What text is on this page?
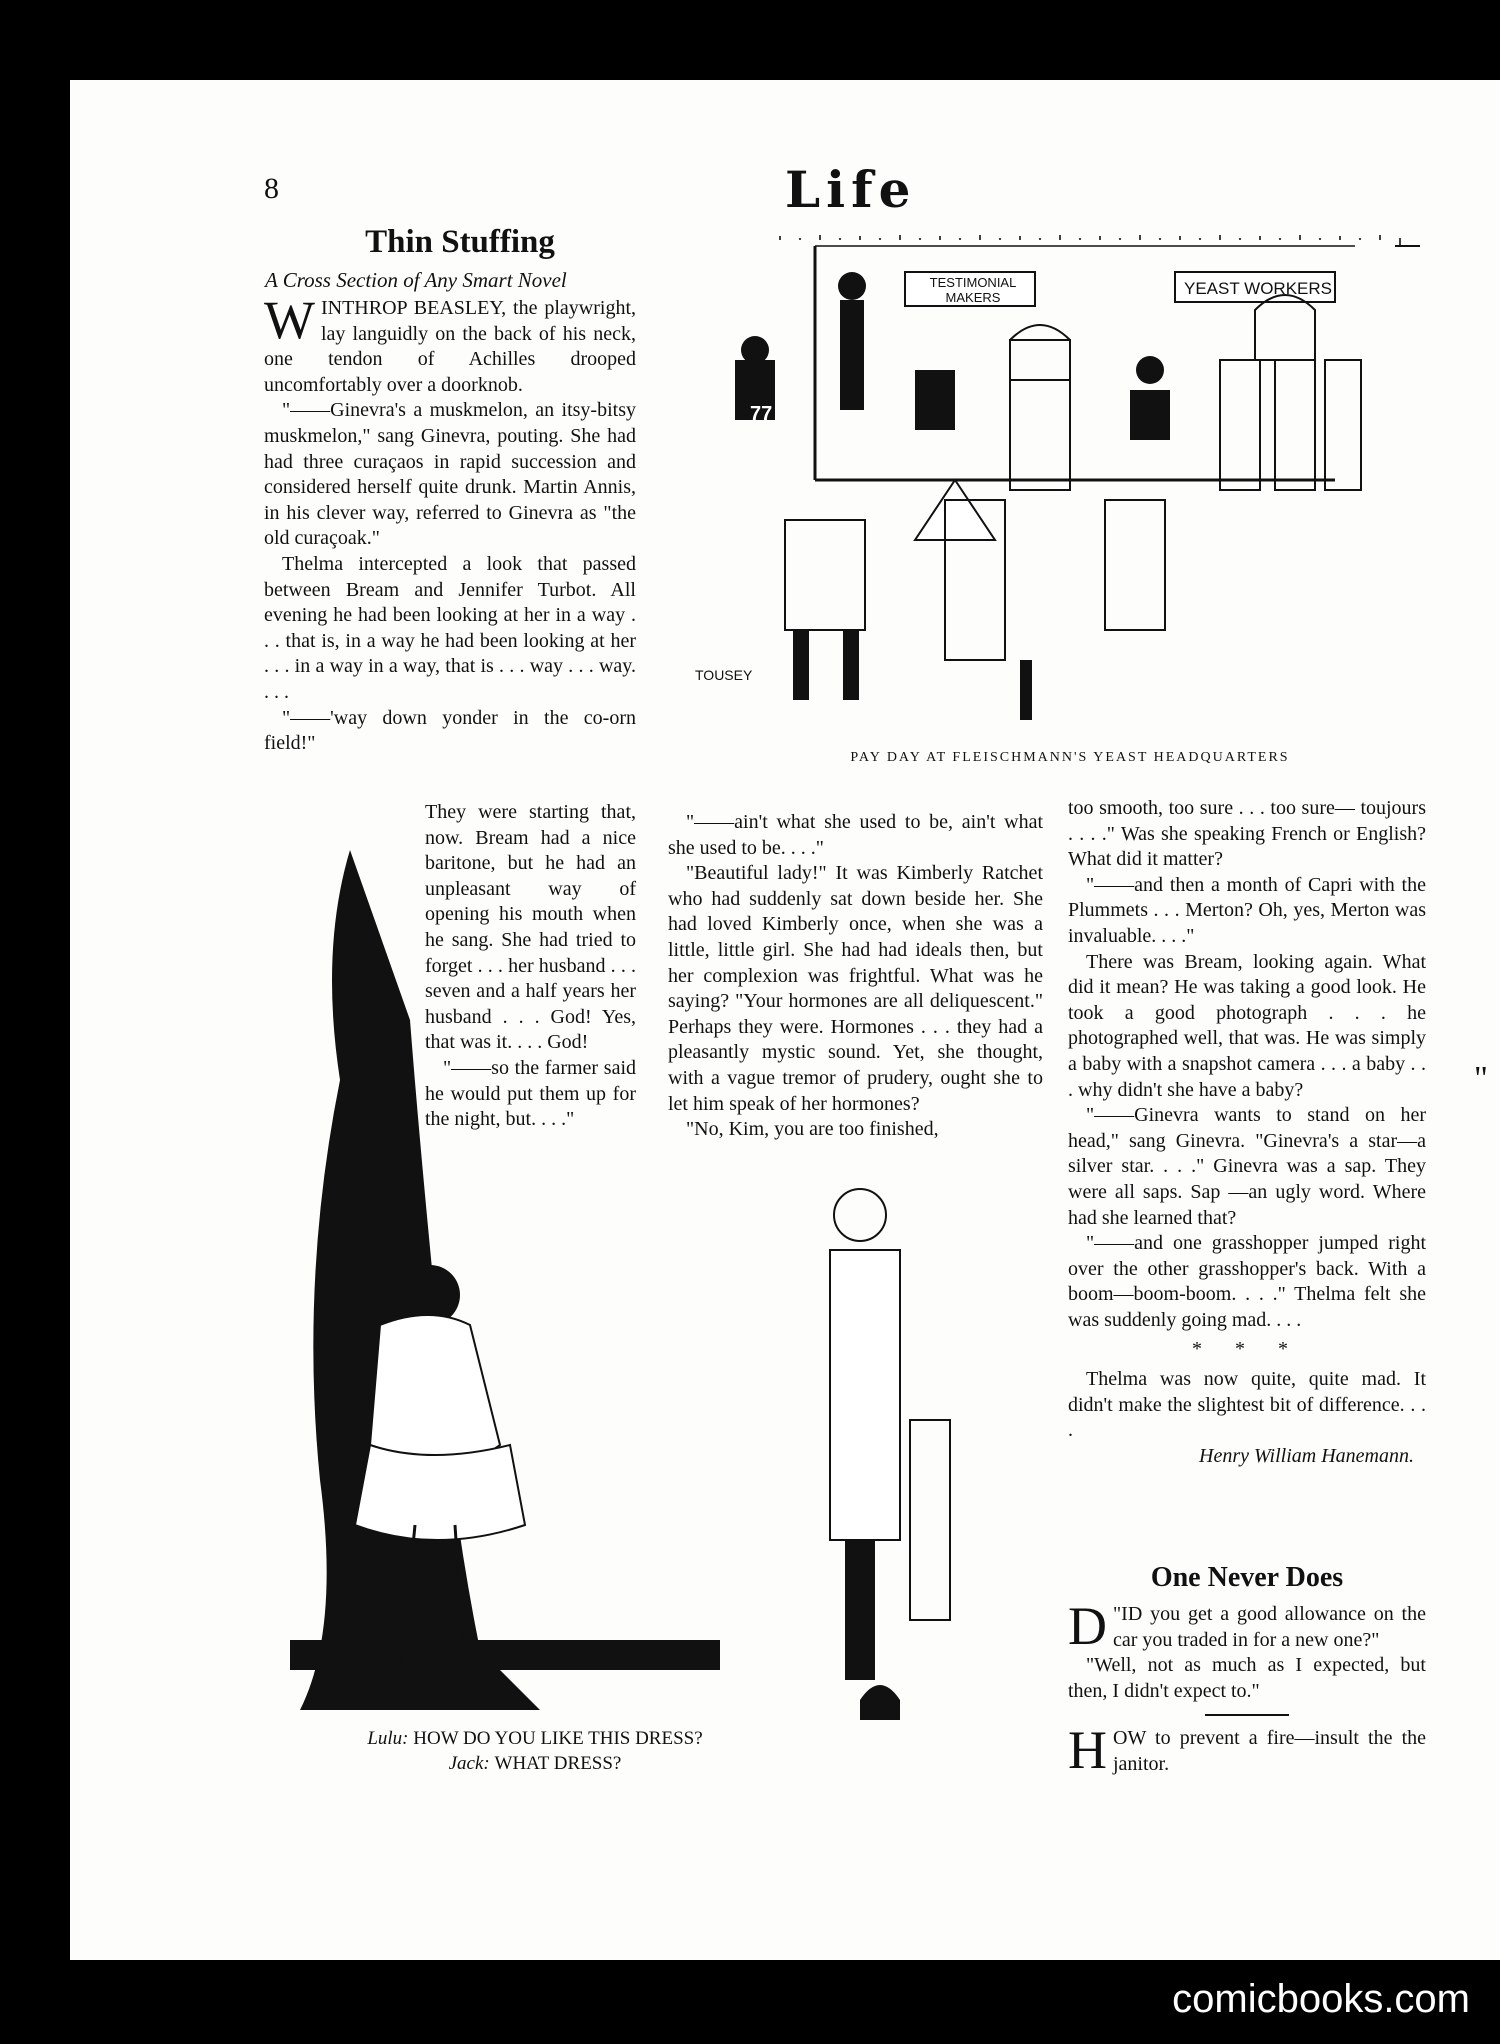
"
8	Life
Thin Stuffing
A Cross Section of Any Smart Novel

WINTHROP BEASLEY, the playwright, lay languidly on the back of his neck, one tendon of Achilles drooped uncomfortably over a doorknob.

"——Ginevra's a muskmelon, an itsy-bitsy muskmelon," sang Ginevra, pouting. She had had three curaçaos in rapid succession and considered herself quite drunk. Martin Annis, in his clever way, referred to Ginevra as "the old curaçoak."

Thelma intercepted a look that passed between Bream and Jennifer Turbot. All evening he had been looking at her in a way . . . that is, in a way he had been looking at her . . . in a way in a way, that is . . . way . . . way. . . .

"——'way down yonder in the co-orn field!"

They were starting that, now. Bream had a nice baritone, but he had an unpleasant way of opening his mouth when he sang. She had tried to forget . . . her husband . . . seven and a half years her husband . . . God! Yes, that was it. . . . God!

"——so the farmer said he would put them up for the night, but. . . ."

"——ain't what she used to be, ain't what she used to be. . . ."

"Beautiful lady!" It was Kimberly Ratchet who had suddenly sat down beside her. She had loved Kimberly once, when she was a little, little girl. She had had ideals then, but her complexion was frightful. What was he saying? "Your hormones are all deliquescent." Perhaps they were. Hormones . . . they had a pleasantly mystic sound. Yet, she thought, with a vague tremor of prudery, ought she to let him speak of her hormones?

"No, Kim, you are too finished,

too smooth, too sure . . . too sure— toujours . . . ." Was she speaking French or English? What did it matter?

"——and then a month of Capri with the Plummets . . . Merton? Oh, yes, Merton was invaluable. . . ."

There was Bream, looking again. What did it mean? He was taking a good look. He took a good photograph . . . he photographed well, that was. He was simply a baby with a snapshot camera . . . a baby . . . why didn't she have a baby?

"——Ginevra wants to stand on her head," sang Ginevra. "Ginevra's a star—a silver star. . . ." Ginevra was a sap. They were all saps. Sap —an ugly word. Where had she learned that?

"——and one grasshopper jumped right over the other grasshopper's back. With a boom—boom-boom. . . ." Thelma felt she was suddenly going mad. . . .

* * *

Thelma was now quite, quite mad. It didn't make the slightest bit of difference. . . .

Henry William Hanemann.
One Never Does

"
D ID you get a good allowance on the car you traded in for a new one?"

"Well, not as much as I expected, but then, I didn't expect to."

HOW to prevent a fire—insult the the janitor.

77
TOUSEY
TESTIMONIAL MAKERS	YEAST WORKERS
PAY DAY AT FLEISCHMANN'S YEAST HEADQUARTERS
Lulu: HOW DO YOU LIKE THIS DRESS?
Jack: WHAT DRESS?
comicbooks.com
